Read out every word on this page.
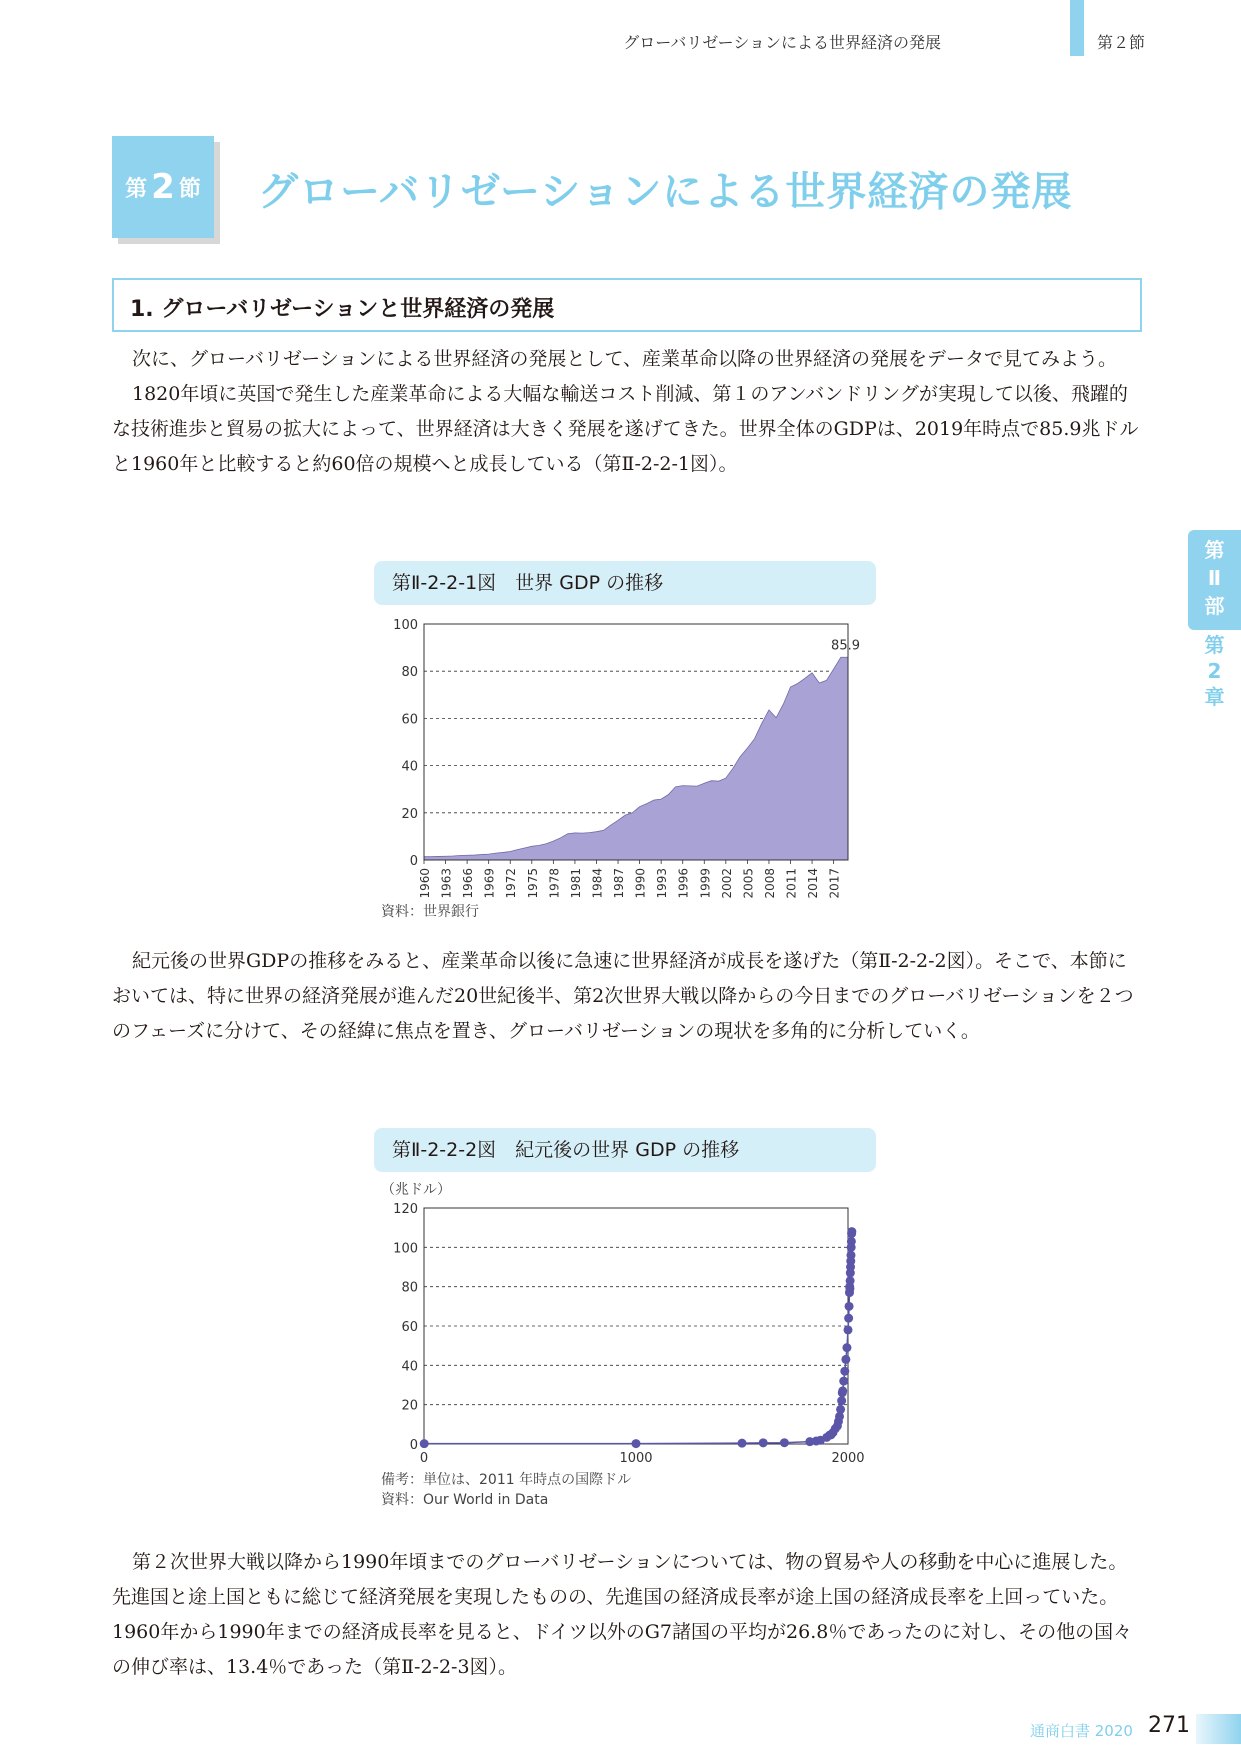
グローバリゼーションによる世界経済の発展	第２節
第 2 節 グローバリゼーションによる世界経済の発展
1. グローバリゼーションと世界経済の発展

次に、グローバリゼーションによる世界経済の発展として、産業革命以降の世界経済の発展をデータで見てみよう。

1820年頃に英国で発生した産業革命による大幅な輸送コスト削減、第１のアンバンドリングが実現して以後、飛躍的な技術進歩と貿易の拡大によって、世界経済は大きく発展を遂げてきた。世界全体のGDPは、2019年時点で85.9兆ドルと1960年と比較すると約60倍の規模へと成長している（第Ⅱ-2-2-1図）。

第
Ⅱ
部
第
2
章
第Ⅱ-2-2-1図　世界 GDP の推移
0
20
40
60
80
100
1960 1963 1966 1969 1972 1975 1978 1981 1984 1987 1990 1993 1996 1999 2002 2005 2008 2011 2014 2017
85.9
資料：世界銀行

紀元後の世界GDPの推移をみると、産業革命以後に急速に世界経済が成長を遂げた（第Ⅱ-2-2-2図）。そこで、本節においては、特に世界の経済発展が進んだ20世紀後半、第2次世界大戦以降からの今日までのグローバリゼーションを２つのフェーズに分けて、その経緯に焦点を置き、グローバリゼーションの現状を多角的に分析していく。

第Ⅱ-2-2-2図　紀元後の世界 GDP の推移
（兆ドル）
0
20
40
60
80
100
120
0	1000	2000
備考：単位は、2011 年時点の国際ドル
資料：Our World in Data

第２次世界大戦以降から1990年頃までのグローバリゼーションについては、物の貿易や人の移動を中心に進展した。先進国と途上国ともに総じて経済発展を実現したものの、先進国の経済成長率が途上国の経済成長率を上回っていた。1960年から1990年までの経済成長率を見ると、ドイツ以外のG7諸国の平均が26.8％であったのに対し、その他の国々の伸び率は、13.4％であった（第Ⅱ-2-2-3図）。

通商白書 2020 271
